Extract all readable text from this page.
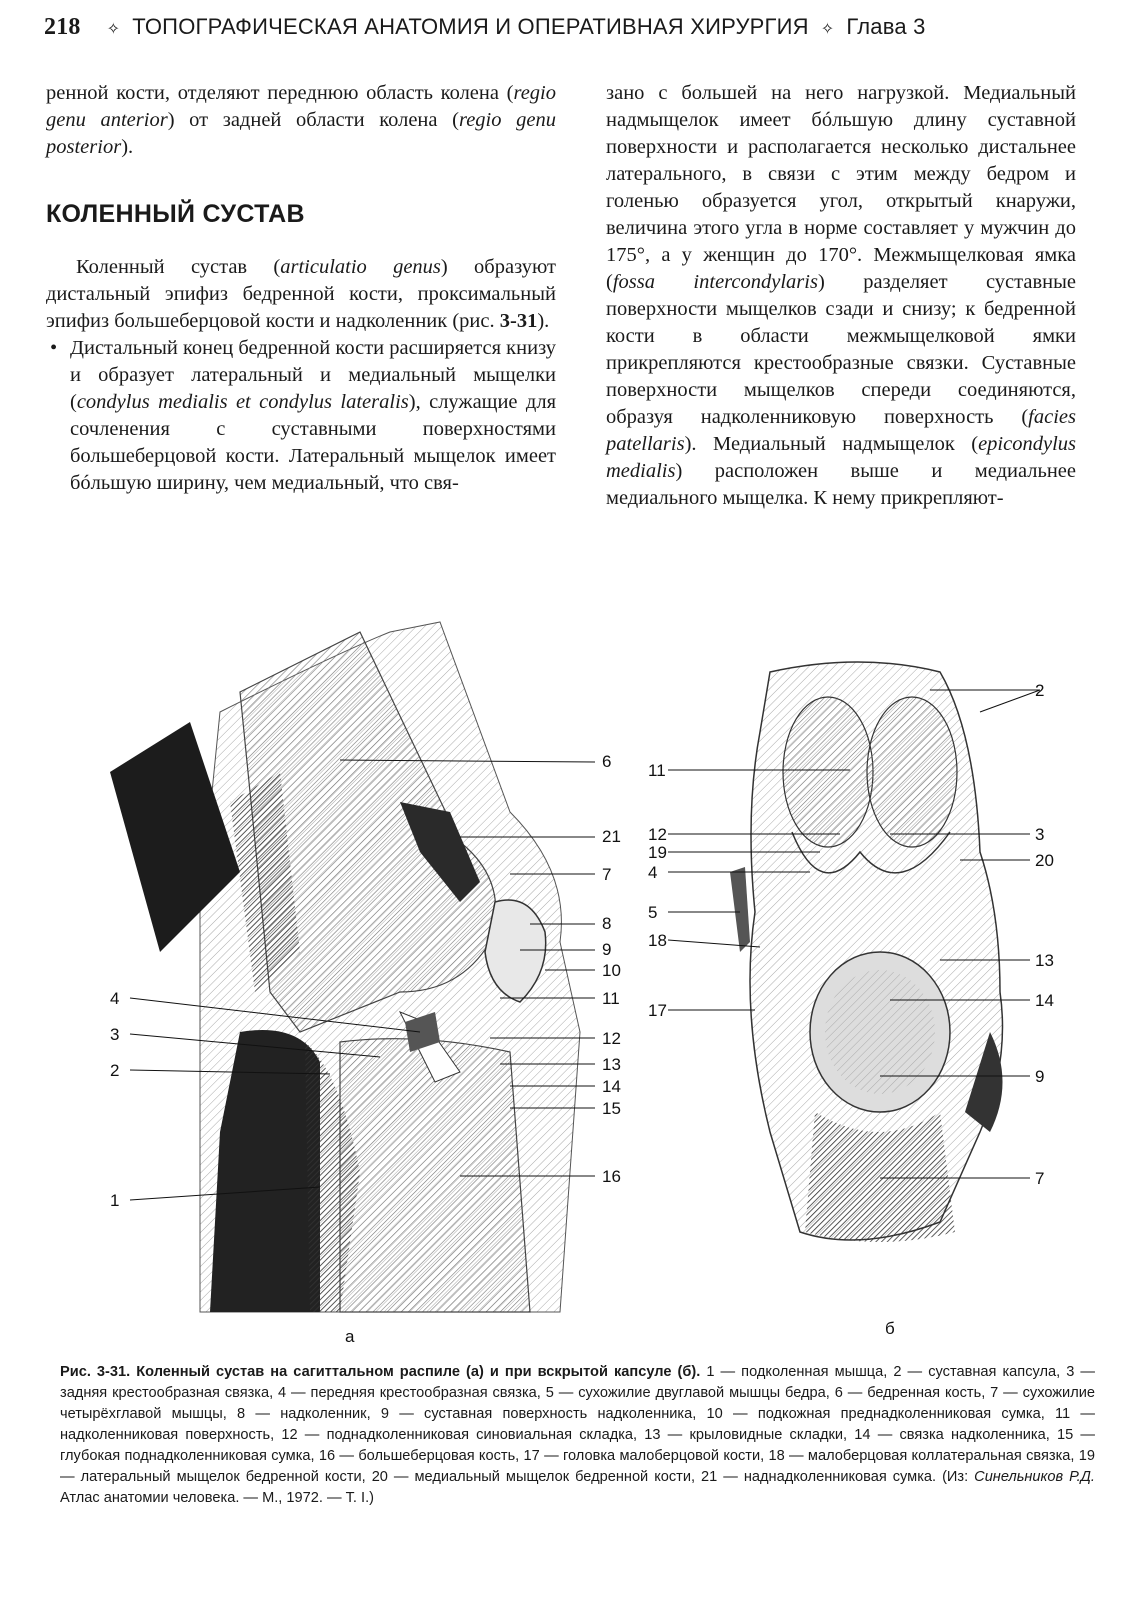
218 ✧ ТОПОГРАФИЧЕСКАЯ АНАТОМИЯ И ОПЕРАТИВНАЯ ХИРУРГИЯ ✧ Глава 3

ренной кости, отделяют переднюю область колена (regio genu anterior) от задней области колена (regio genu posterior).

КОЛЕННЫЙ СУСТАВ

Коленный сустав (articulatio genus) образуют дистальный эпифиз бедренной кости, проксимальный эпифиз большеберцовой кости и надколенник (рис. 3-31).

• Дистальный конец бедренной кости расширяется книзу и образует латеральный и медиальный мыщелки (condylus medialis et condylus lateralis), служащие для сочленения с суставными поверхностями большеберцовой кости. Латеральный мыщелок имеет бóльшую ширину, чем медиальный, что свя-

зано с большей на него нагрузкой. Медиальный надмыщелок имеет бóльшую длину суставной поверхности и располагается несколько дистальнее латерального, в связи с этим между бедром и голенью образуется угол, открытый кнаружи, величина этого угла в норме составляет у мужчин до 175°, а у женщин до 170°. Межмыщелковая ямка (fossa intercondylaris) разделяет суставные поверхности мыщелков сзади и снизу; к бедренной кости в области межмыщелковой ямки прикрепляются крестообразные связки. Суставные поверхности мыщелков спереди соединяются, образуя надколенниковую поверхность (facies patellaris). Медиальный надмыщелок (epicondylus medialis) расположен выше и медиальнее медиального мыщелка. К нему прикрепляют-

6
21
7
8
9
10
11
12
13
14
15
16
4
3
2
1
11
12
19
4
5
18
17
2
3
20
13
14
9
7
а	б
Рис. 3-31. Коленный сустав на сагиттальном распиле (а) и при вскрытой капсуле (б). 1 — подколенная мышца, 2 — суставная капсула, 3 — задняя крестообразная связка, 4 — передняя крестообразная связка, 5 — сухожилие двуглавой мышцы бедра, 6 — бедренная кость, 7 — сухожилие четырёхглавой мышцы, 8 — надколенник, 9 — суставная поверхность надколенника, 10 — подкожная преднадколенниковая сумка, 11 — надколенниковая поверхность, 12 — поднадколенниковая синовиальная складка, 13 — крыловидные складки, 14 — связка надколенника, 15 — глубокая поднадколенниковая сумка, 16 — большеберцовая кость, 17 — головка малоберцовой кости, 18 — малоберцовая коллатеральная связка, 19 — латеральный мыщелок бедренной кости, 20 — медиальный мыщелок бедренной кости, 21 — наднадколенниковая сумка. (Из: Синельников Р.Д. Атлас анатомии человека. — М., 1972. — Т. I.)
